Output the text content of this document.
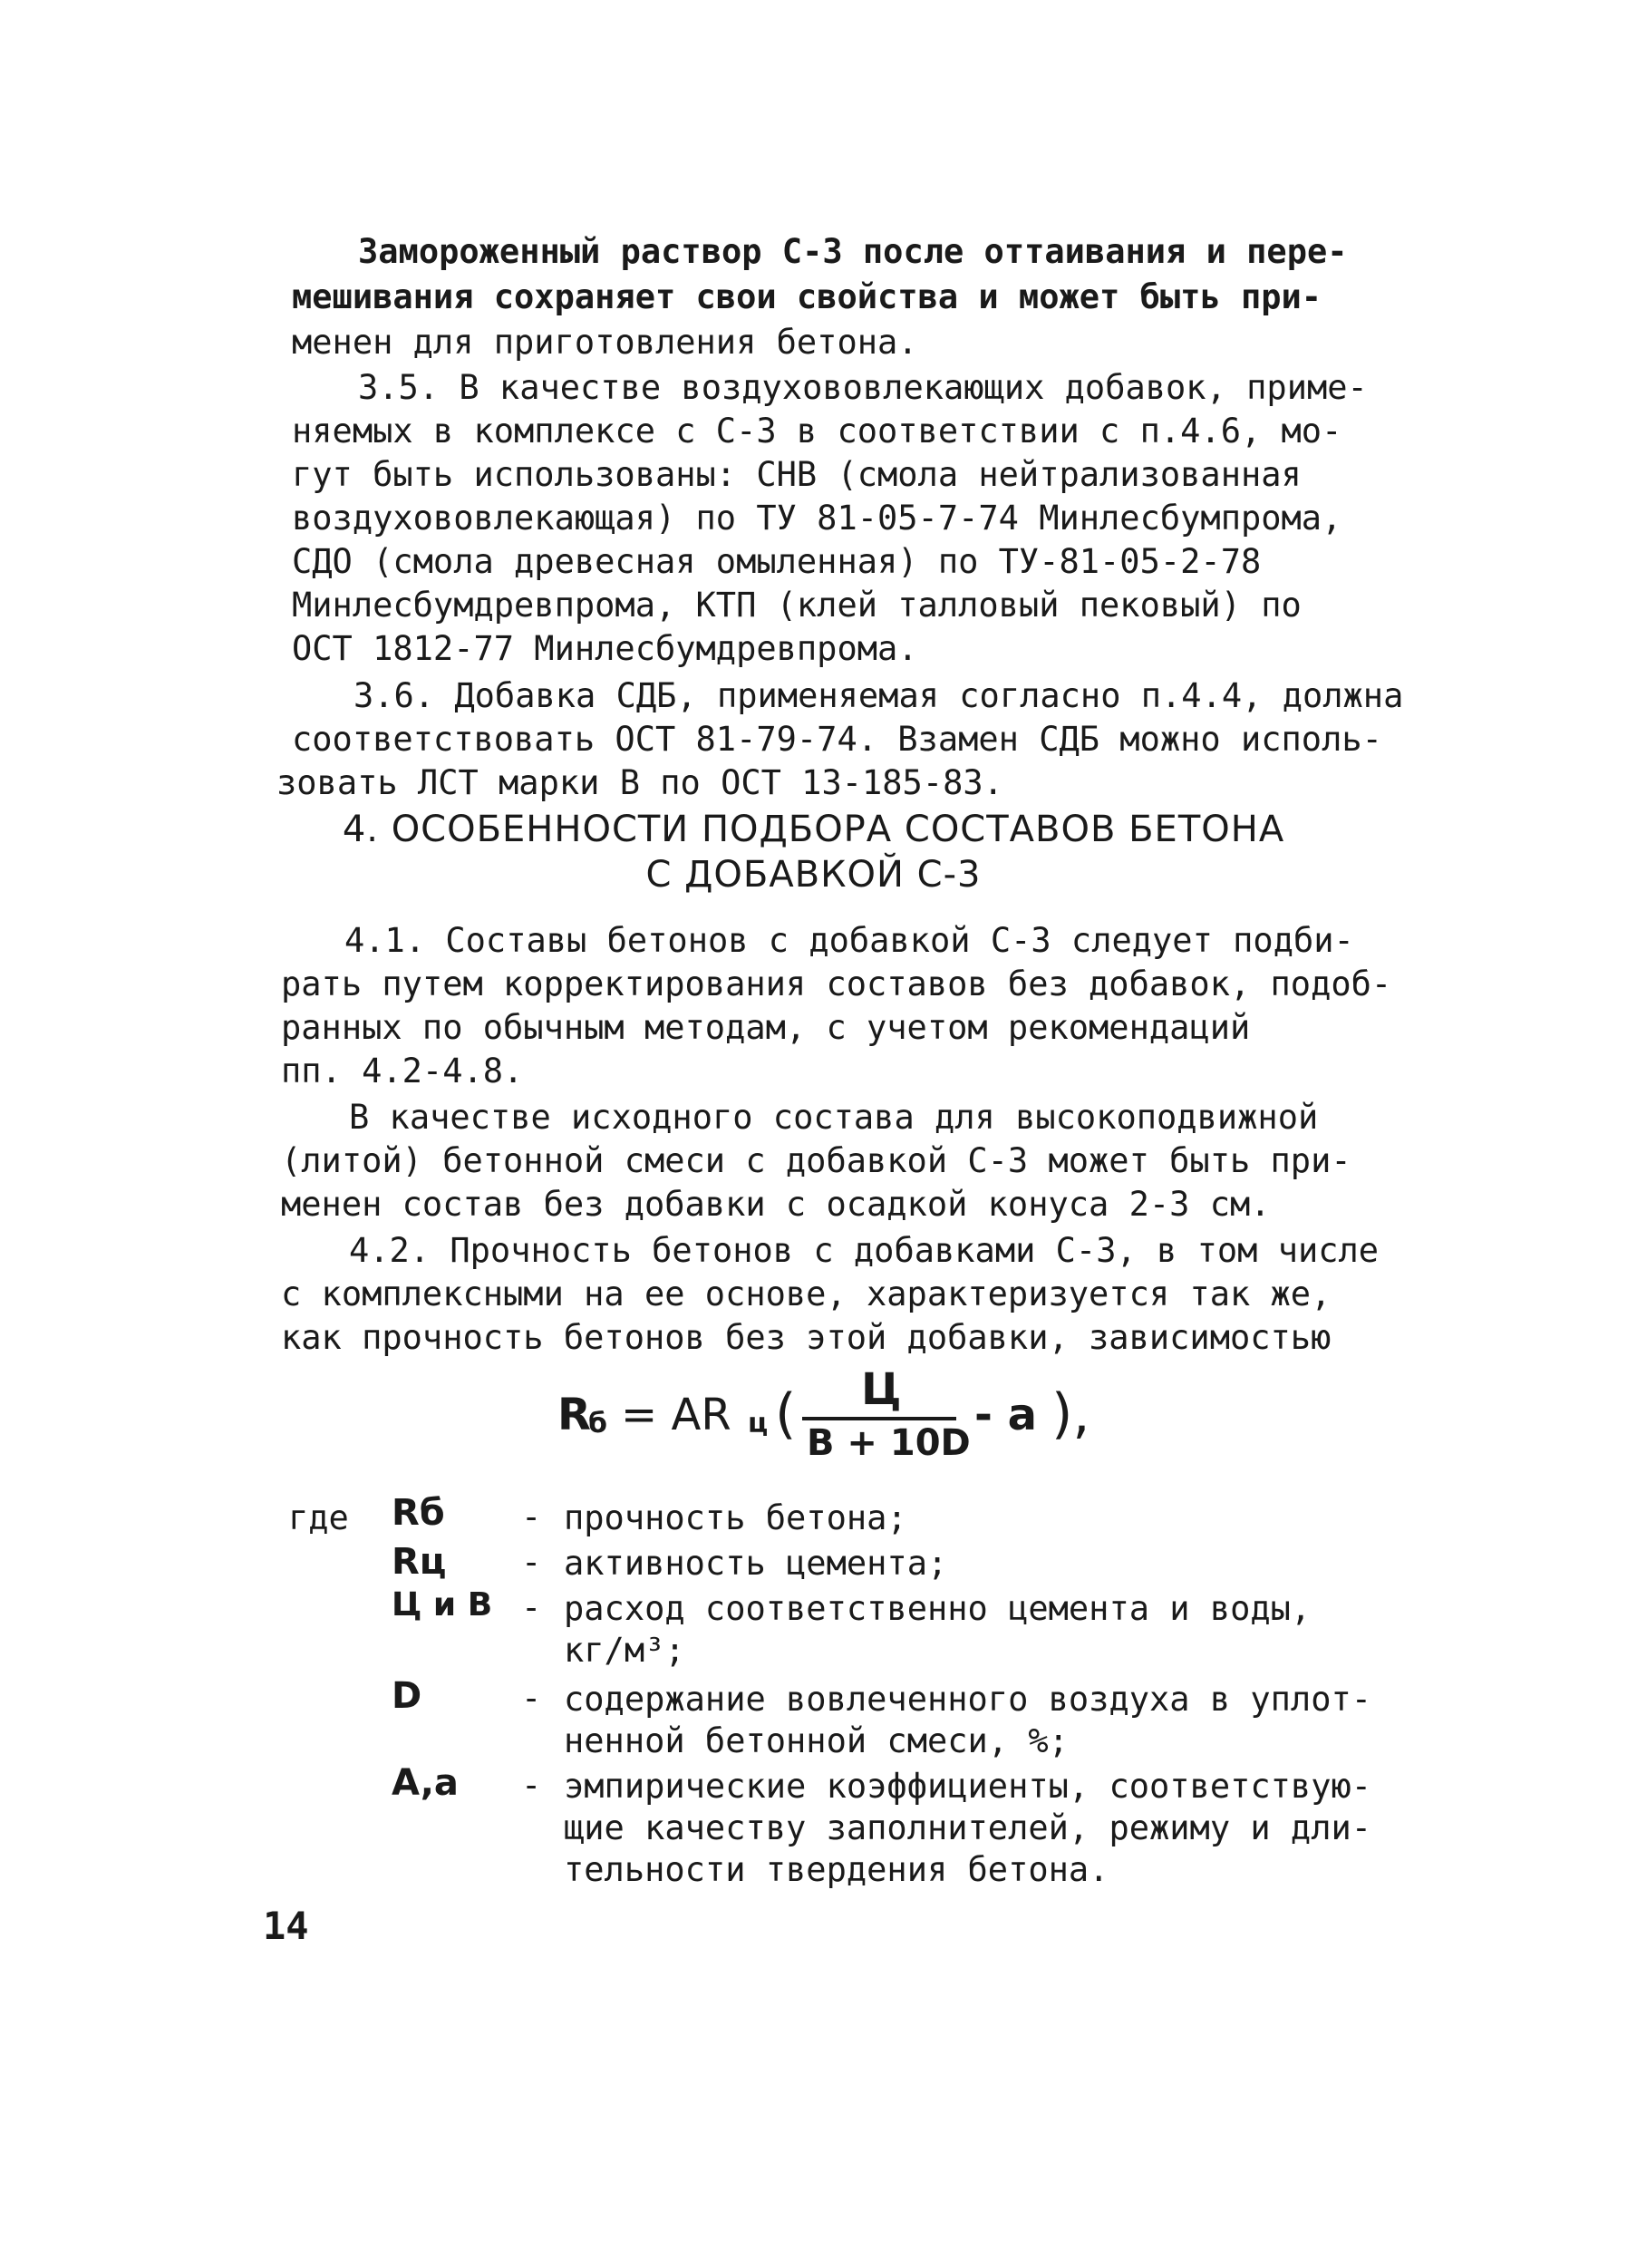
Замороженный раствор С-3 после оттаивания и пере-
мешивания сохраняет свои свойства и может быть при-
менен для приготовления бетона.
3.5. В качестве воздухововлекающих добавок, приме-
няемых в комплексе с С-3 в соответствии с п.4.6, мо-
гут быть использованы: СНВ (смола нейтрализованная
воздухововлекающая) по ТУ 81-05-7-74 Минлесбумпрома,
СДО (смола древесная омыленная) по ТУ-81-05-2-78
Минлесбумдревпрома, КТП (клей талловый пековый) по
ОСТ 1812-77 Минлесбумдревпрома.
3.6. Добавка СДБ, применяемая согласно п.4.4, должна
соответствовать ОСТ 81-79-74. Взамен СДБ можно исполь-
зовать ЛСТ марки В по ОСТ 13-185-83.
4. ОСОБЕННОСТИ ПОДБОРА СОСТАВОВ БЕТОНА
С ДОБАВКОЙ С-3
4.1. Составы бетонов с добавкой С-3 следует подби-
рать путем корректирования составов без добавок, подоб-
ранных по обычным методам, с учетом рекомендаций
пп. 4.2-4.8.
В качестве исходного состава для высокоподвижной
(литой) бетонной смеси с добавкой С-3 может быть при-
менен состав без добавки с осадкой конуса 2-3 см.
4.2. Прочность бетонов с добавками С-3, в том числе
с комплексными на ее основе, характеризуется так же,
как прочность бетонов без этой добавки, зависимостью
R
б = AR ц ( Ц
В + 10D
- a ),
где Rб - прочность бетона;
Rц - активность цемента;
Ц и В - расход соответственно цемента и воды,
кг/м³;
D	- содержание вовлеченного воздуха в уплот-
ненной бетонной смеси, %;
A,a - эмпирические коэффициенты, соответствую-
щие качеству заполнителей, режиму и дли-
тельности твердения бетона.
14
